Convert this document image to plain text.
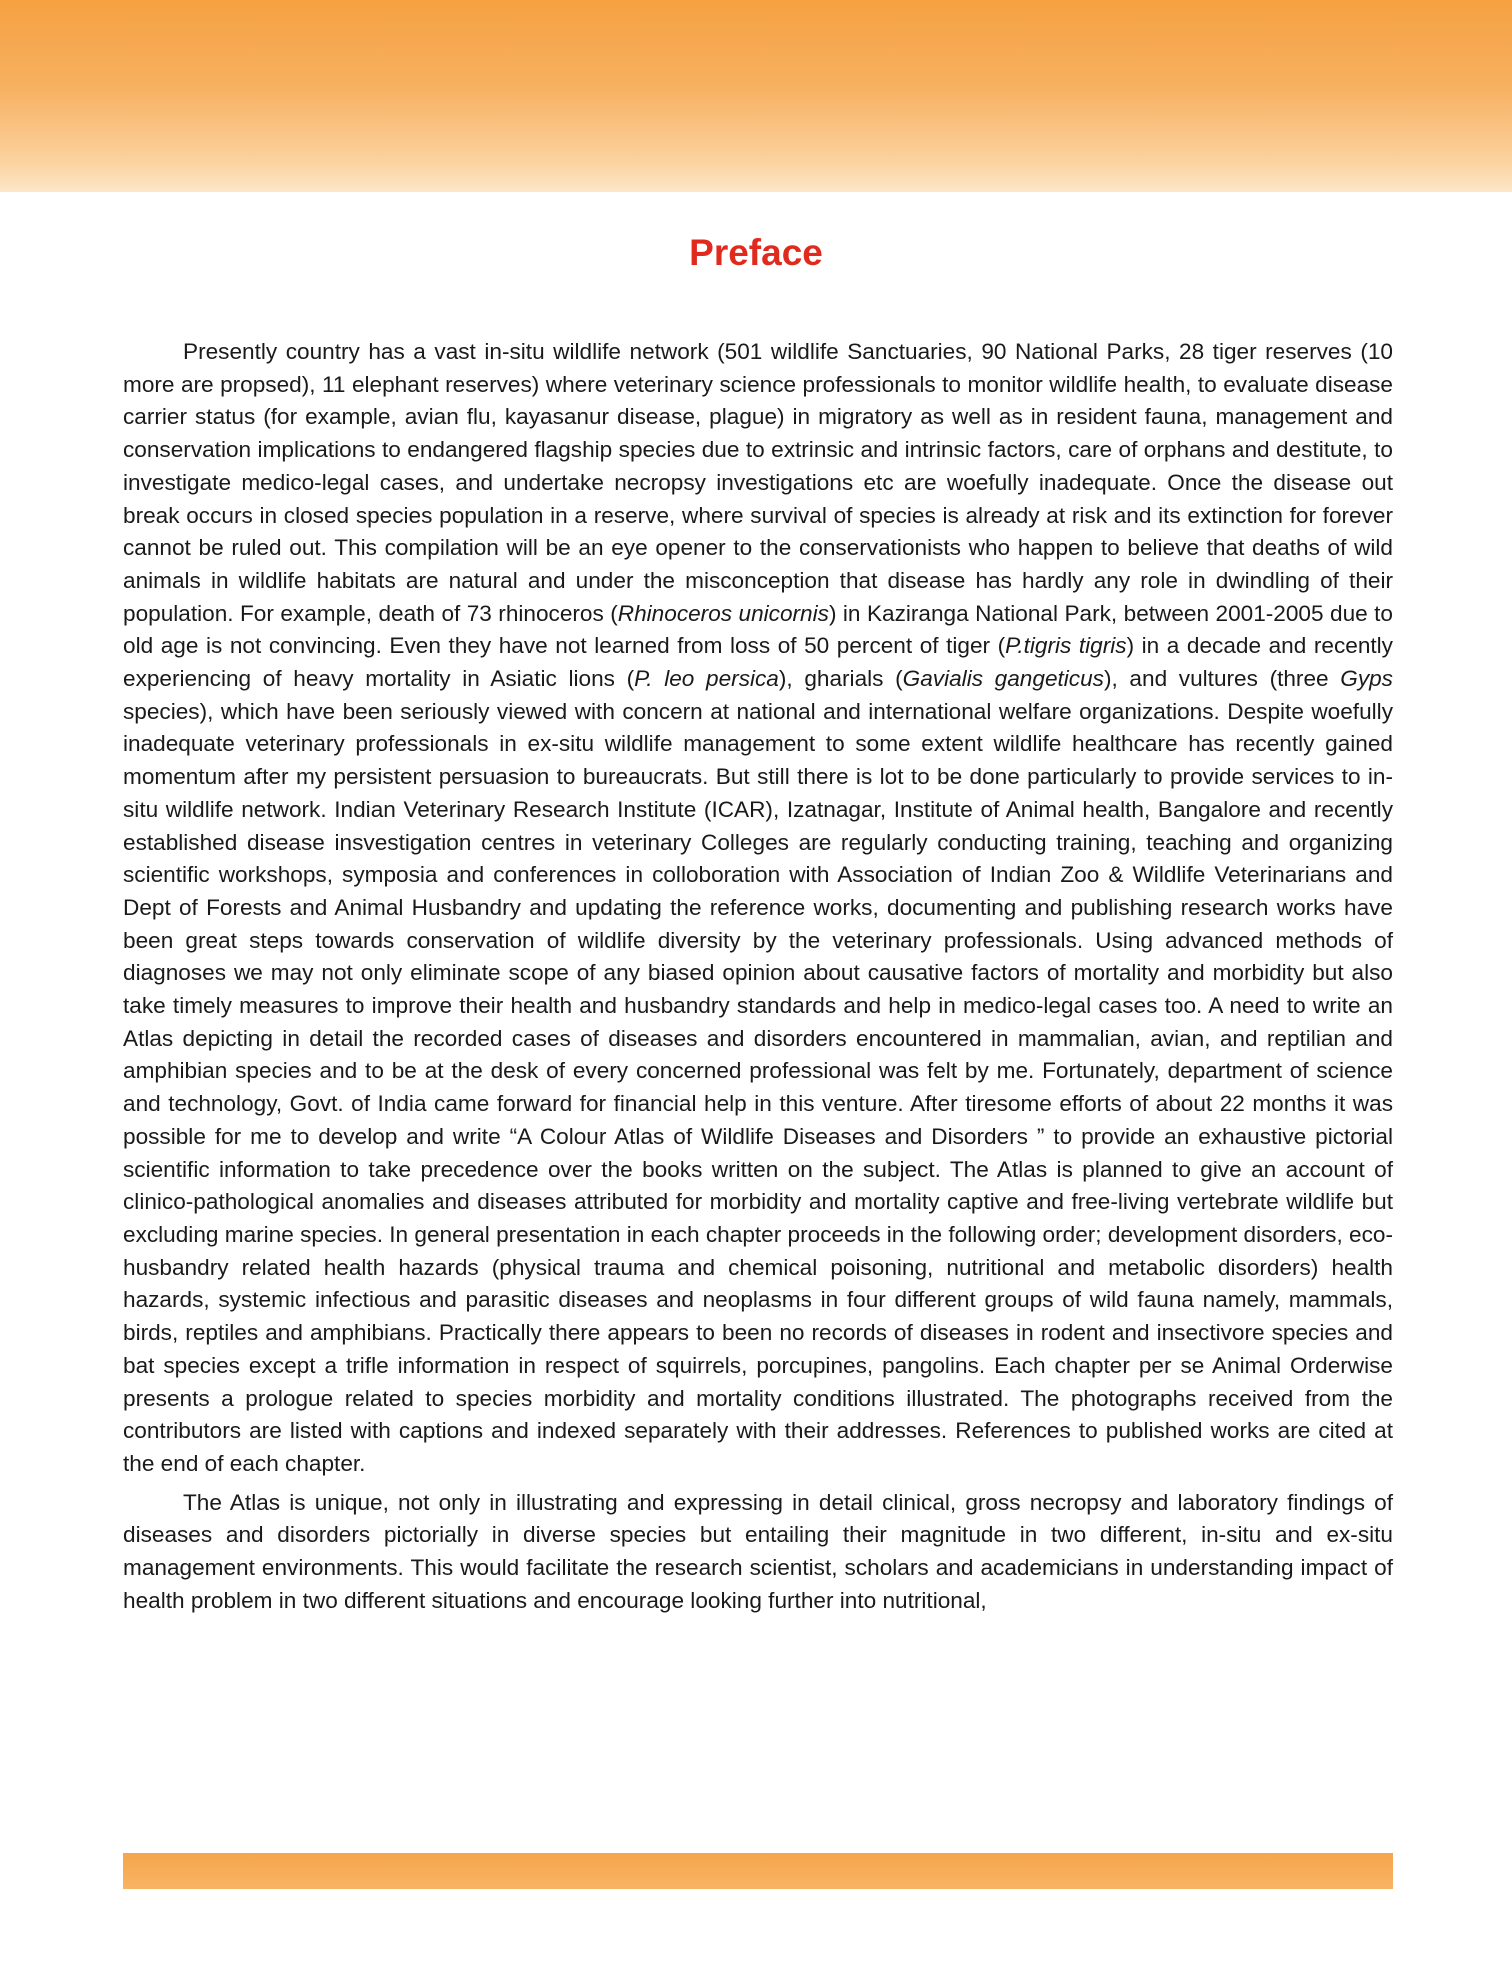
Preface

Presently country has a vast in-situ wildlife network (501 wildlife Sanctuaries, 90 National Parks, 28 tiger reserves (10 more are propsed), 11 elephant reserves) where veterinary science professionals to monitor wildlife health, to evaluate disease carrier status (for example, avian flu, kayasanur disease, plague) in migratory as well as in resident fauna, management and conservation implications to endangered flagship species due to extrinsic and intrinsic factors, care of orphans and destitute, to investigate medico-legal cases, and undertake necropsy investigations etc are woefully inadequate. Once the disease out break occurs in closed species population in a reserve, where survival of species is already at risk and its extinction for forever cannot be ruled out. This compilation will be an eye opener to the conservationists who happen to believe that deaths of wild animals in wildlife habitats are natural and under the misconception that disease has hardly any role in dwindling of their population. For example, death of 73 rhinoceros (Rhinoceros unicornis) in Kaziranga National Park, between 2001-2005 due to old age is not convincing. Even they have not learned from loss of 50 percent of tiger (P.tigris tigris) in a decade and recently experiencing of heavy mortality in Asiatic lions (P. leo persica), gharials (Gavialis gangeticus), and vultures (three Gyps species), which have been seriously viewed with concern at national and international welfare organizations. Despite woefully inadequate veterinary professionals in ex-situ wildlife management to some extent wildlife healthcare has recently gained momentum after my persistent persuasion to bureaucrats. But still there is lot to be done particularly to provide services to in-situ wildlife network. Indian Veterinary Research Institute (ICAR), Izatnagar, Institute of Animal health, Bangalore and recently established disease insvestigation centres in veterinary Colleges are regularly conducting training, teaching and organizing scientific workshops, symposia and conferences in colloboration with Association of Indian Zoo & Wildlife Veterinarians and Dept of Forests and Animal Husbandry and updating the reference works, documenting and publishing research works have been great steps towards conservation of wildlife diversity by the veterinary professionals. Using advanced methods of diagnoses we may not only eliminate scope of any biased opinion about causative factors of mortality and morbidity but also take timely measures to improve their health and husbandry standards and help in medico-legal cases too. A need to write an Atlas depicting in detail the recorded cases of diseases and disorders encountered in mammalian, avian, and reptilian and amphibian species and to be at the desk of every concerned professional was felt by me. Fortunately, department of science and technology, Govt. of India came forward for financial help in this venture. After tiresome efforts of about 22 months it was possible for me to develop and write “A Colour Atlas of Wildlife Diseases and Disorders ” to provide an exhaustive pictorial scientific information to take precedence over the books written on the subject. The Atlas is planned to give an account of clinico-pathological anomalies and diseases attributed for morbidity and mortality captive and free-living vertebrate wildlife but excluding marine species. In general presentation in each chapter proceeds in the following order; development disorders, eco-husbandry related health hazards (physical trauma and chemical poisoning, nutritional and metabolic disorders) health hazards, systemic infectious and parasitic diseases and neoplasms in four different groups of wild fauna namely, mammals, birds, reptiles and amphibians. Practically there appears to been no records of diseases in rodent and insectivore species and bat species except a trifle information in respect of squirrels, porcupines, pangolins. Each chapter per se Animal Orderwise presents a prologue related to species morbidity and mortality conditions illustrated. The photographs received from the contributors are listed with captions and indexed separately with their addresses. References to published works are cited at the end of each chapter.

The Atlas is unique, not only in illustrating and expressing in detail clinical, gross necropsy and laboratory findings of diseases and disorders pictorially in diverse species but entailing their magnitude in two different, in-situ and ex-situ management environments. This would facilitate the research scientist, scholars and academicians in understanding impact of health problem in two different situations and encourage looking further into nutritional,
